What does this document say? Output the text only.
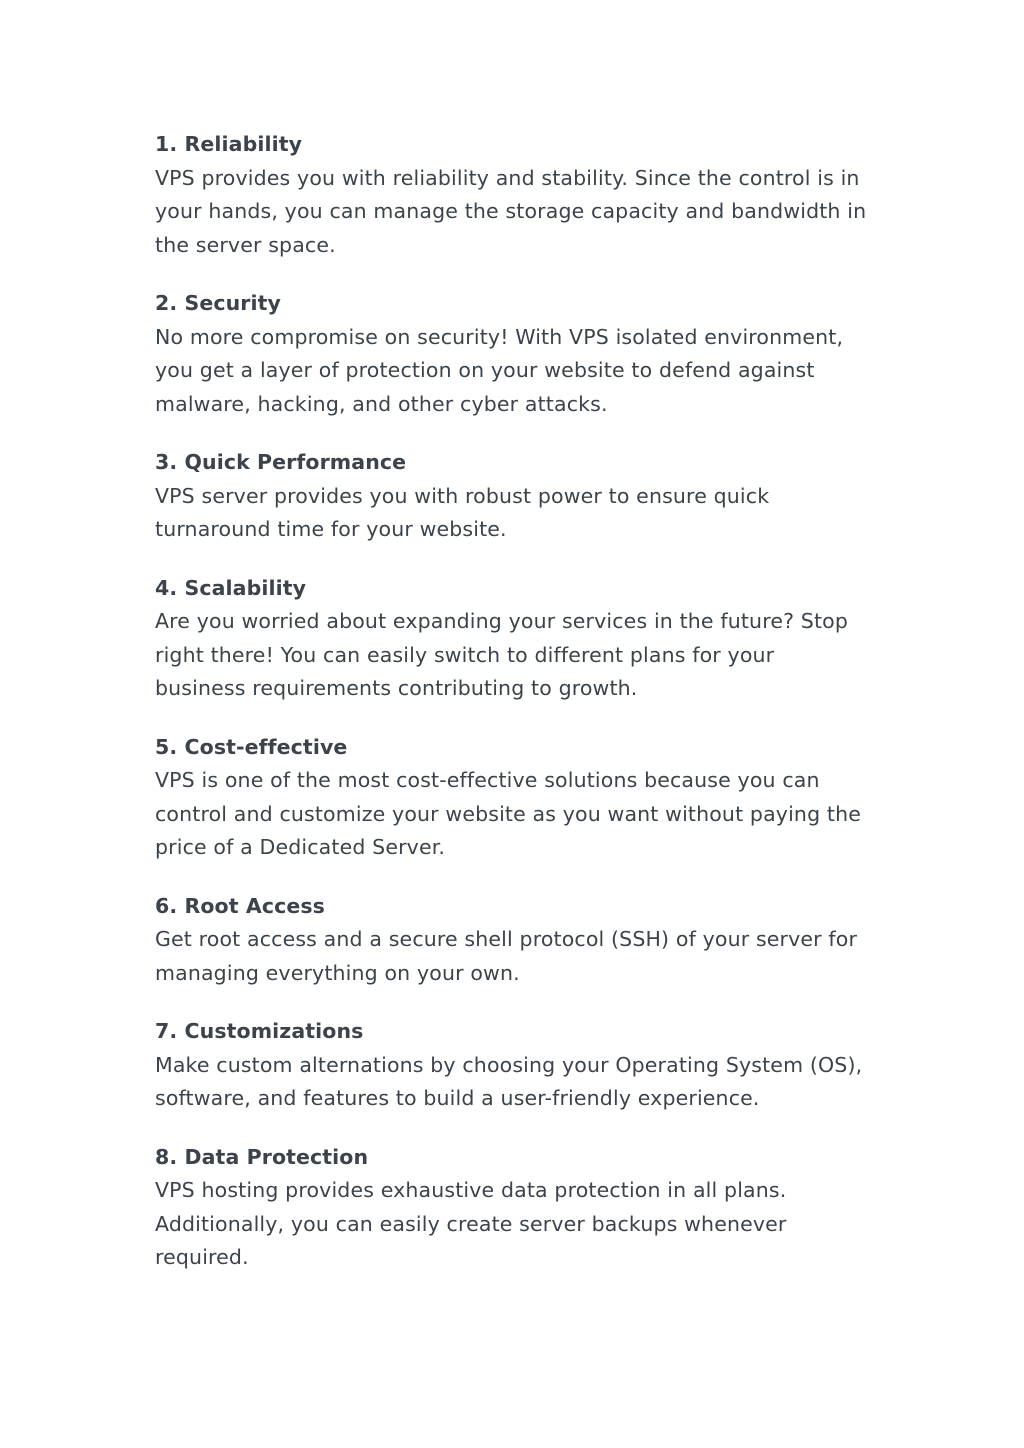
1. Reliability
VPS provides you with reliability and stability. Since the control is in
your hands, you can manage the storage capacity and bandwidth in
the server space.
2. Security
No more compromise on security! With VPS isolated environment,
you get a layer of protection on your website to defend against
malware, hacking, and other cyber attacks.
3. Quick Performance
VPS server provides you with robust power to ensure quick
turnaround time for your website.
4. Scalability
Are you worried about expanding your services in the future? Stop
right there! You can easily switch to different plans for your
business requirements contributing to growth.
5. Cost-effective
VPS is one of the most cost-effective solutions because you can
control and customize your website as you want without paying the
price of a Dedicated Server.
6. Root Access
Get root access and a secure shell protocol (SSH) of your server for
managing everything on your own.
7. Customizations
Make custom alternations by choosing your Operating System (OS),
software, and features to build a user-friendly experience.
8. Data Protection
VPS hosting provides exhaustive data protection in all plans.
Additionally, you can easily create server backups whenever
required.
